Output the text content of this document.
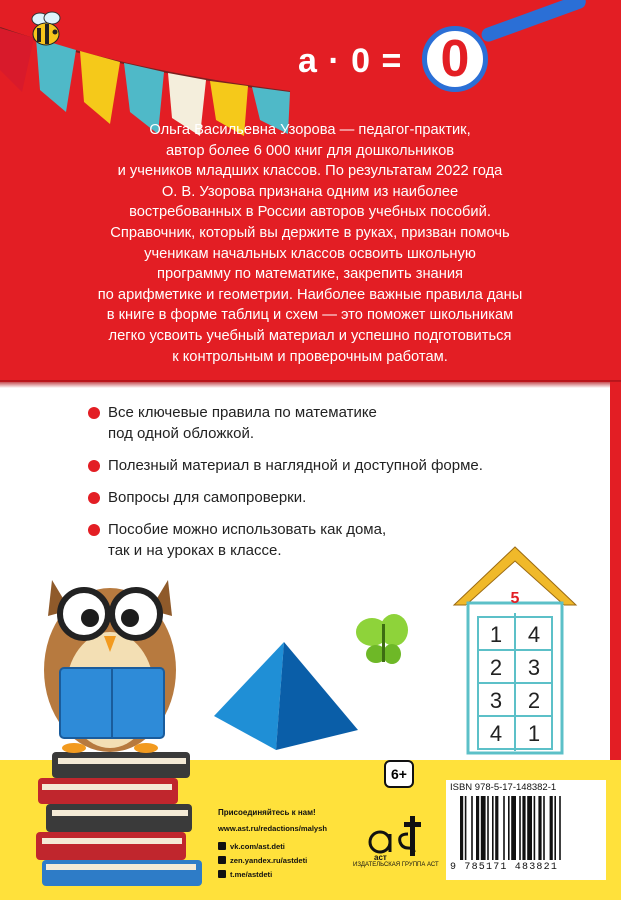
a · 0 = 0
Ольга Васильевна Узорова — педагог-практик,
автор более 6 000 книг для дошкольников
и учеников младших классов. По результатам 2022 года
О. В. Узорова признана одним из наиболее
востребованных в России авторов учебных пособий.
Справочник, который вы держите в руках, призван помочь
ученикам начальных классов освоить школьную
программу по математике, закрепить знания
по арифметике и геометрии. Наиболее важные правила даны
в книге в форме таблиц и схем — это поможет школьникам
легко усвоить учебный материал и успешно подготовиться
к контрольным и проверочным работам.
Все ключевые правила по математике
под одной обложкой.
Полезный материал в наглядной и доступной форме.
Вопросы для самопроверки.
Пособие можно использовать как дома,
так и на уроках в классе.
5
1 4
2 3
3 2
4 1
6+
Присоединяйтесь к нам!
www.ast.ru/redactions/malysh
vk.com/ast.deti
zen.yandex.ru/astdeti
t.me/astdeti
аст
ИЗДАТЕЛЬСКАЯ ГРУППА АСТ
ISBN 978-5-17-148382-1
9 785171 483821
